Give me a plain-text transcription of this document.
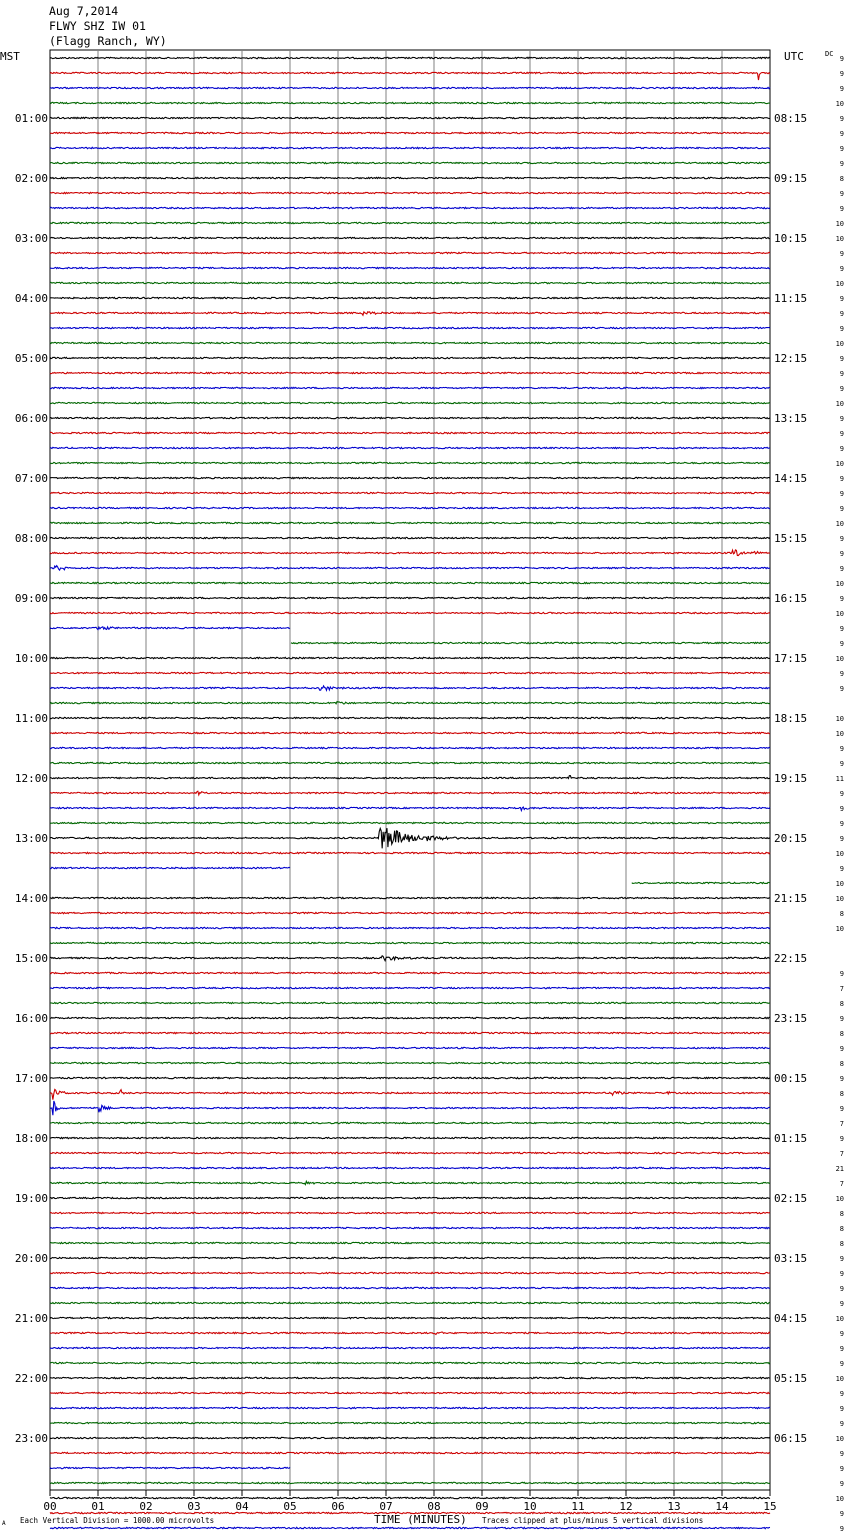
Aug 7,2014
FLWY SHZ IW 01
(Flagg Ranch, WY)
9
9
9
10
9
9
9
9
8
9
9
10
10
9
9
10
9
9
9
10
9
9
9
10
9
9
9
10
9
9
9
10
9
9
9
10
9
10
9
9
10
9
9
10
10
9
9
11
9
9
9
9
10
9
10
10
8
10
9
7
8
9
8
9
8
9
8
9
7
9
7
21
7
10
8
8
8
9
9
9
9
10
9
9
9
10
9
9
9
10
9
9
9
10
9
9
01:00	08:15
02:00	09:15
03:00	10:15
04:00	11:15
05:00	12:15
06:00	13:15
07:00	14:15
08:00	15:15
09:00	16:15
10:00	17:15
11:00	18:15
12:00	19:15
13:00	20:15
14:00	21:15
15:00	22:15
16:00	23:15
17:00	00:15
18:00	01:15
19:00	02:15
20:00	03:15
21:00	04:15
22:00	05:15
23:00	06:15
00	01	02	03	04	05	06	07	08	09	10	11	12	13	14	15
MST	UTC	DC
TIME (MINUTES)
Each Vertical Division = 1000.00 microvolts	Traces clipped at plus/minus 5 vertical divisions
A
